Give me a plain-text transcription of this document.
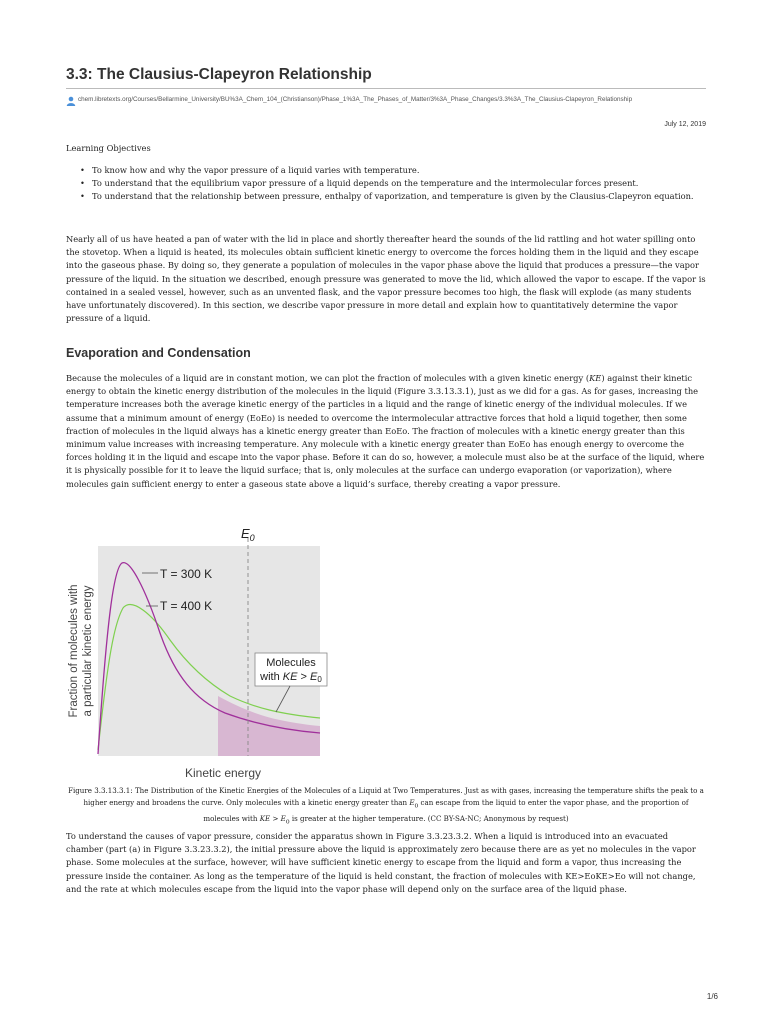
3.3: The Clausius-Clapeyron Relationship
chem.libretexts.org/Courses/Bellarmine_University/BU%3A_Chem_104_(Christianson)/Phase_1%3A_The_Phases_of_Matter/3%3A_Phase_Changes/3.3%3A_The_Clausius-Clapeyron_Relationship
July 12, 2019
Learning Objectives
• To know how and why the vapor pressure of a liquid varies with temperature.
• To understand that the equilibrium vapor pressure of a liquid depends on the temperature and the intermolecular forces present.
• To understand that the relationship between pressure, enthalpy of vaporization, and temperature is given by the Clausius-Clapeyron equation.

Nearly all of us have heated a pan of water with the lid in place and shortly thereafter heard the sounds of the lid rattling and hot water spilling onto the stovetop. When a liquid is heated, its molecules obtain sufficient kinetic energy to overcome the forces holding them in the liquid and they escape into the gaseous phase. By doing so, they generate a population of molecules in the vapor phase above the liquid that produces a pressure—the vapor pressure of the liquid. In the situation we described, enough pressure was generated to move the lid, which allowed the vapor to escape. If the vapor is contained in a sealed vessel, however, such as an unvented flask, and the vapor pressure becomes too high, the flask will explode (as many students have unfortunately discovered). In this section, we describe vapor pressure in more detail and explain how to quantitatively determine the vapor pressure of a liquid.

Evaporation and Condensation

Because the molecules of a liquid are in constant motion, we can plot the fraction of molecules with a given kinetic energy (KE) against their kinetic energy to obtain the kinetic energy distribution of the molecules in the liquid (Figure 3.3.13.3.1), just as we did for a gas. As for gases, increasing the temperature increases both the average kinetic energy of the particles in a liquid and the range of kinetic energy of the individual molecules. If we assume that a minimum amount of energy (EoEo) is needed to overcome the intermolecular attractive forces that hold a liquid together, then some fraction of molecules in the liquid always has a kinetic energy greater than EoEo. The fraction of molecules with a kinetic energy greater than this minimum value increases with increasing temperature. Any molecule with a kinetic energy greater than EoEo has enough energy to overcome the forces holding it in the liquid and escape into the vapor phase. Before it can do so, however, a molecule must also be at the surface of the liquid, where it is physically possible for it to leave the liquid surface; that is, only molecules at the surface can undergo evaporation (or vaporization), where molecules gain sufficient energy to enter a gaseous state above a liquid’s surface, thereby creating a vapor pressure.

$E_0$
T = 300 K
T = 400 K
Molecules
with KE > E0
Fraction of molecules with a particular kinetic energy
Kinetic energy

Figure 3.3.13.3.1: The Distribution of the Kinetic Energies of the Molecules of a Liquid at Two Temperatures. Just as with gases, increasing the temperature shifts the peak to a higher energy and broadens the curve. Only molecules with a kinetic energy greater than $E_0$ can escape from the liquid to enter the vapor phase, and the proportion of molecules with KE > $E_0$ is greater at the higher temperature. (CC BY-SA-NC; Anonymous by request)

To understand the causes of vapor pressure, consider the apparatus shown in Figure 3.3.23.3.2. When a liquid is introduced into an evacuated chamber (part (a) in Figure 3.3.23.3.2), the initial pressure above the liquid is approximately zero because there are as yet no molecules in the vapor phase. Some molecules at the surface, however, will have sufficient kinetic energy to escape from the liquid and form a vapor, thus increasing the pressure inside the container. As long as the temperature of the liquid is held constant, the fraction of molecules with KE>EoKE>Eo will not change, and the rate at which molecules escape from the liquid into the vapor phase will depend only on the surface area of the liquid phase.

1/6
